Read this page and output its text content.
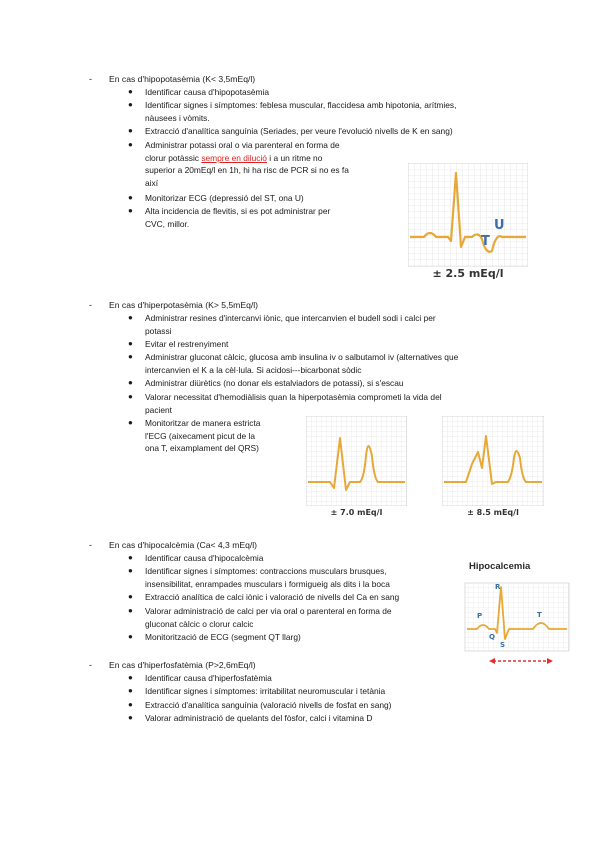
- En cas d'hipopotasèmia (K< 3,5mEq/l)
● Identificar causa d'hipopotasèmia
● Identificar signes i símptomes: feblesa muscular, flaccidesa amb hipotonia, arítmies,
nàusees i vòmits.
● Extracció d'analítica sanguínia (Seriades, per veure l'evolució nivells de K en sang)
● Administrar potassi oral o via parenteral en forma de
clorur potàssic sempre en dilució i a un ritme no
superior a 20mEq/l en 1h, hi ha risc de PCR si no es fa
així
● Monitorizar ECG (depressió del ST, ona U)
● Alta incidencia de flevitis, si es pot administrar per
CVC, millor.
T
U
± 2.5 mEq/l
- En cas d'hiperpotasèmia (K> 5,5mEq/l)
● Administrar resines d'intercanvi iònic, que intercanvien el budell sodi i calci per
potassi
● Evitar el restrenyiment
● Administrar gluconat càlcic, glucosa amb insulina iv o salbutamol iv (alternatives que
intercanvien el K a la cèl·lula. Si acidosi---bicarbonat sòdic
● Administrar diürètics (no donar els estalviadors de potassi), si s'escau
● Valorar necessitat d'hemodiàlisis quan la hiperpotasèmia comprometi la vida del
pacient
● Monitoritzar de manera estricta
l'ECG (aixecament picut de la
ona T, eixamplament del QRS)
± 7.0 mEq/l	± 8.5 mEq/l
- En cas d'hipocalcèmia (Ca< 4,3 mEq/l)
● Identificar causa d'hipocalcèmia
● Identificar signes i símptomes: contraccions musculars brusques,
insensibilitat, enrampades musculars i formigueig als dits i la boca
● Extracció analítica de calci iònic i valoració de nivells del Ca en sang
● Valorar administració de calci per via oral o parenteral en forma de
gluconat càlcic o clorur calcic
● Monitorització de ECG (segment QT llarg)
Hipocalcemia
P
R
Q
S
T
- En cas d'hiperfosfatèmia (P>2,6mEq/l)
● Identificar causa d'hiperfosfatèmia
● Identificar signes i símptomes: irritabilitat neuromuscular i tetània
● Extracció d'analítica sanguínia (valoració nivells de fosfat en sang)
● Valorar administració de quelants del fòsfor, calci i vitamina D
